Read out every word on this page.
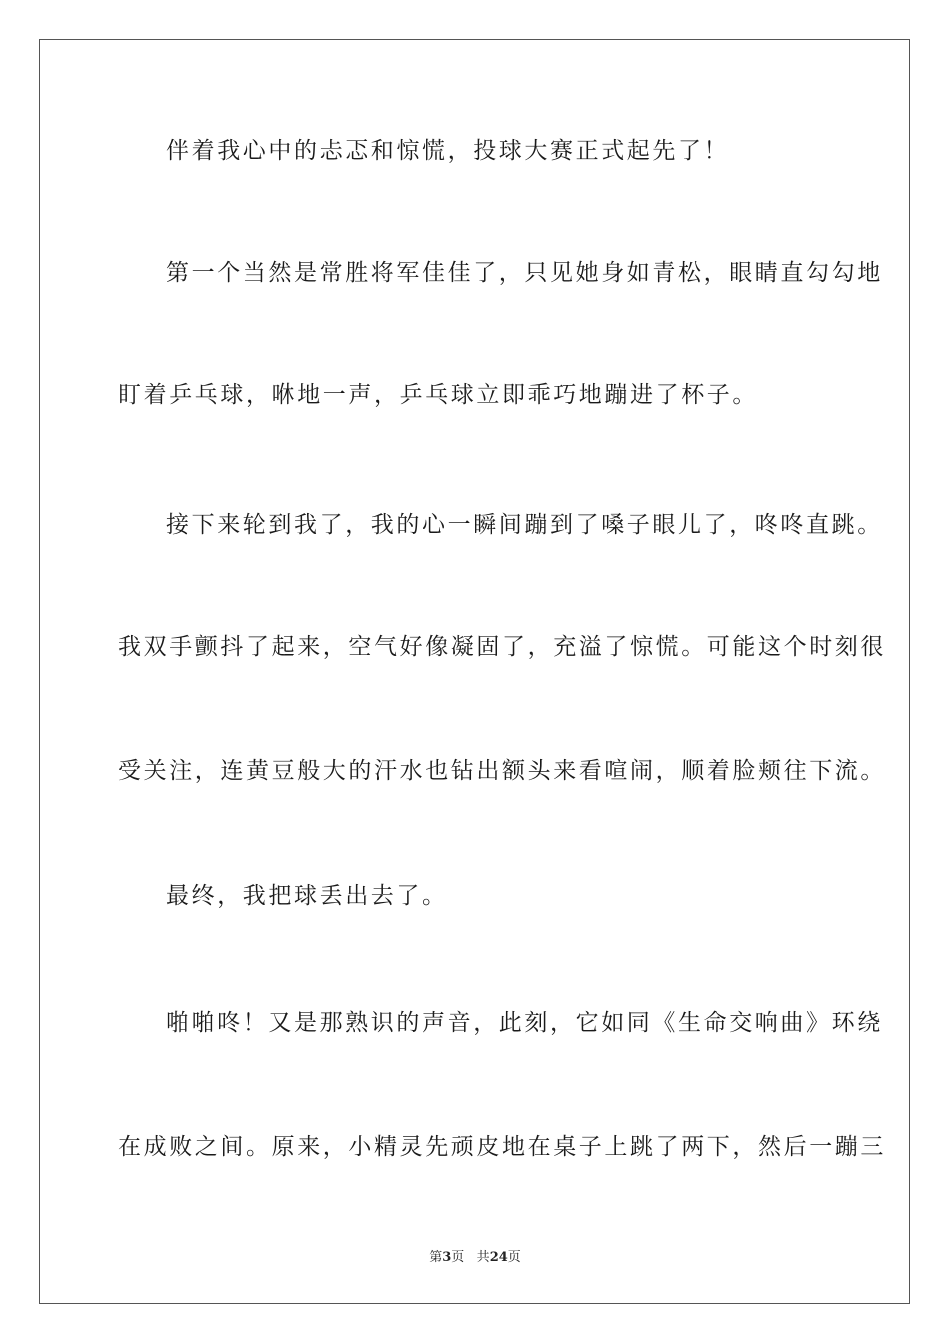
伴着我心中的忐忑和惊慌，投球大赛正式起先了！
第一个当然是常胜将军佳佳了，只见她身如青松，眼睛直勾勾地
盯着乒乓球，咻地一声，乒乓球立即乖巧地蹦进了杯子。
接下来轮到我了，我的心一瞬间蹦到了嗓子眼儿了，咚咚直跳。
我双手颤抖了起来，空气好像凝固了，充溢了惊慌。可能这个时刻很
受关注，连黄豆般大的汗水也钻出额头来看喧闹，顺着脸颊往下流。
最终，我把球丢出去了。
啪啪咚！又是那熟识的声音，此刻，它如同《生命交响曲》环绕
在成败之间。原来，小精灵先顽皮地在桌子上跳了两下，然后一蹦三
第3页 共24页
